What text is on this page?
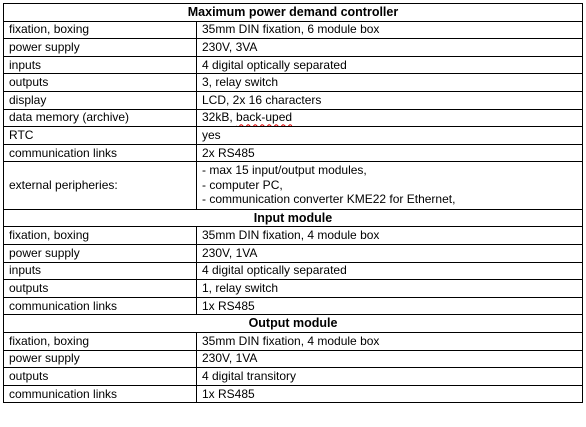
Maximum power demand controller	
fixation, boxing	35mm DIN fixation, 6 module box
power supply	230V, 3VA
inputs	4 digital optically separated
outputs	3, relay switch
display	LCD, 2x 16 characters
data memory (archive)	32kB, back-uped
RTC	yes
communication links	2x RS485
external peripheries:	- max 15 input/output modules,
- computer PC,
- communication converter KME22 for Ethernet,

Input module	
fixation, boxing	35mm DIN fixation, 4 module box
power supply	230V, 1VA
inputs	4 digital optically separated
outputs	1, relay switch
communication links	1x RS485
Output module	
fixation, boxing	35mm DIN fixation, 4 module box
power supply	230V, 1VA
outputs	4 digital transitory
communication links	1x RS485
